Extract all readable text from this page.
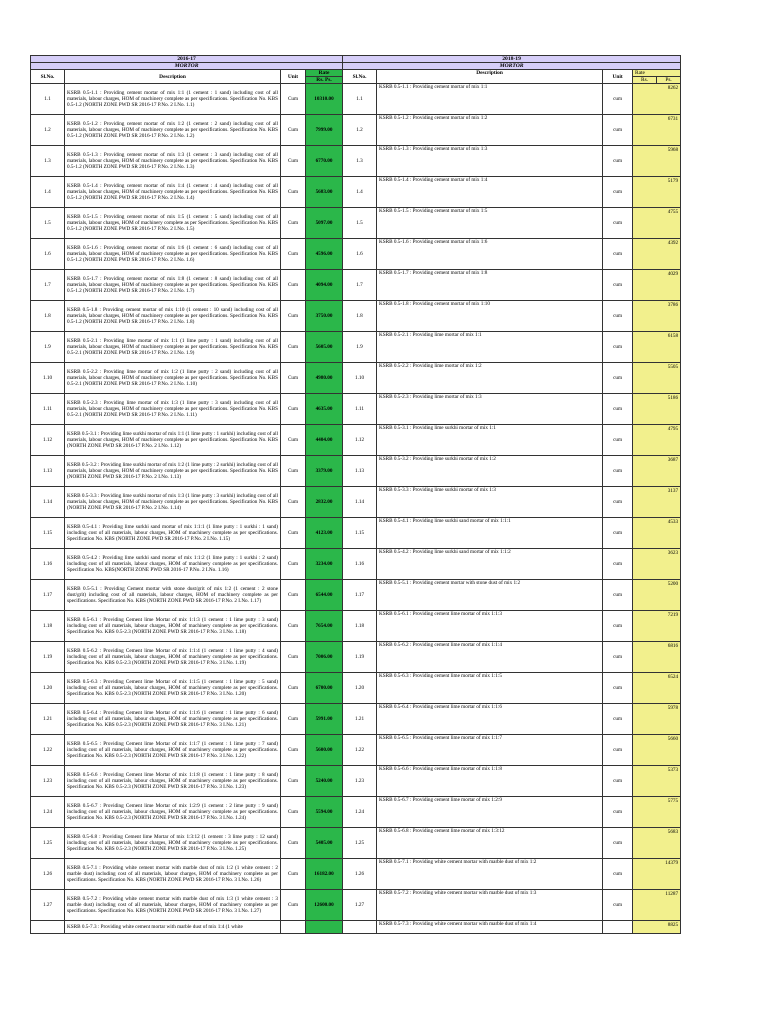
2016-17				2018-19				
MORTOR				MORTOR				
Sl.No.	Description	Unit	Rate	Sl.No.	Description	Unit	Rate	
			Rs. Ps.				Rs.	Ps.
1.1	KSRB 0.5-1.1 : Providing cement mortar of mix 1:1 (1 cement : 1 sand) including cost of all materials, labour charges, HOM of machinery complete as per specifications. Specification No. KBS 0.5-1.2 (NORTH ZONE PWD SR 2016-17 P.No. 2 I.No. 1.1)	Cum	10310.00	1.1	KSRB 0.5-1.1 : Providing cement mortar of mix 1:1	cum	8262	
1.2	KSRB 0.5-1.2 : Providing cement mortar of mix 1:2 (1 cement : 2 sand) including cost of all materials, labour charges, HOM of machinery complete as per specifications. Specification No. KBS 0.5-1.2 (NORTH ZONE PWD SR 2016-17 P.No. 2 I.No. 1.2)	Cum	7999.00	1.2	KSRB 0.5-1.2 : Providing cement mortar of mix 1:2	cum	6731	
1.3	KSRB 0.5-1.3 : Providing cement mortar of mix 1:3 (1 cement : 3 sand) including cost of all materials, labour charges, HOM of machinery complete as per specifications. Specification No. KBS 0.5-1.2 (NORTH ZONE PWD SR 2016-17 P.No. 2 I.No. 1.3)	Cum	6770.00	1.3	KSRB 0.5-1.3 : Providing cement mortar of mix 1:3	cum	5968	
1.4	KSRB 0.5-1.4 : Providing cement mortar of mix 1:4 (1 cement : 4 sand) including cost of all materials, labour charges, HOM of machinery complete as per specifications. Specification No. KBS 0.5-1.2 (NORTH ZONE PWD SR 2016-17 P.No. 2 I.No. 1.4)	Cum	5683.00	1.4	KSRB 0.5-1.4 : Providing cement mortar of mix 1:4	cum	5179	
1.5	KSRB 0.5-1.5 : Providing cement mortar of mix 1:5 (1 cement : 5 sand) including cost of all materials, labour charges, HOM of machinery complete as per Specifications. Specification No. KBS 0.5-1.2 (NORTH ZONE PWD SR 2016-17 P.No. 2 I.No. 1.5)	Cum	5097.00	1.5	KSRB 0.5-1.5 : Providing cement mortar of mix 1:5	cum	4755	
1.6	KSRB 0.5-1.6 : Providing cement mortar of mix 1:6 (1 cement : 6 sand) including cost of all materials, labour charges, HOM of machinery complete as per specifications. Specification No. KBS 0.5-1.2 (NORTH ZONE PWD SR 2016-17 P.No. 2 I.No. 1.6)	Cum	4596.00	1.6	KSRB 0.5-1.6 : Providing cement mortar of mix 1:6	cum	4392	
1.7	KSRB 0.5-1.7 : Providing cement mortar of mix 1:8 (1 cement : 8 sand) including cost of all materials, labour charges, HOM of machinery complete as per specifications. Specification No. KBS 0.5-1.2 (NORTH ZONE PWD SR 2016-17 P.No. 2 I.No. 1.7)	Cum	4094.00	1.7	KSRB 0.5-1.7 : Providing cement mortar of mix 1:8	cum	4029	
1.8	KSRB 0.5-1.8 : Providing cement mortar of mix 1:10 (1 cement : 10 sand) including cost of all materials, labour charges, HOM of machinery complete as per specifications. Specification No. KBS 0.5-1.2 (NORTH ZONE PWD SR 2016-17 P.No. 2 I.No. 1.8)	Cum	3750.00	1.8	KSRB 0.5-1.8 : Providing cement mortar of mix 1:10	cum	3786	
1.9	KSRB 0.5-2.1 : Providing lime mortar of mix 1:1 (1 lime putty : 1 sand) including cost of all materials, labour charges, HOM of machinery complete as per specifications. Specification No. KBS 0.5-2.1 (NORTH ZONE PWD SR 2016-17 P.No. 2 I.No. 1.9)	Cum	5605.00	1.9	KSRB 0.5-2.1 : Providing lime mortar of mix 1:1	cum	6158	
1.10	KSRB 0.5-2.2 : Providing lime mortar of mix 1:2 (1 lime putty : 2 sand) including cost of all materials, labour charges, HOM of machinery complete as per specifications. Specification No. KBS 0.5-2.1 (NORTH ZONE PWD SR 2016-17 P.No. 2 I.No. 1.10)	Cum	4980.00	1.10	KSRB 0.5-2.2 : Providing lime mortar of mix 1:2	cum	5505	
1.11	KSRB 0.5-2.3 : Providing lime mortar of mix 1:3 (1 lime putty : 3 sand) including cost of all materials, labour charges, HOM of machinery complete as per specifications. Specification No. KBS 0.5-2.1 (NORTH ZONE PWD SR 2016-17 P.No. 2 I.No. 1.11)	Cum	4635.00	1.11	KSRB 0.5-2.3 : Providing lime mortar of mix 1:3	cum	5186	
1.12	KSRB 0.5-3.1 : Providing lime surkhi mortar of mix 1:1 (1 lime putty : 1 surkhi) including cost of all materials, labour charges, HOM of machinery complete as per specifications. Specification No. KBS (NORTH ZONE PWD SR 2016-17 P.No. 2 I.No. 1.12)	Cum	4404.00	1.12	KSRB 0.5-3.1 : Providing lime surkhi mortar of mix 1:1	cum	4795	
1.13	KSRB 0.5-3.2 : Providing lime surkhi mortar of mix 1:2 (1 lime putty : 2 surkhi) including cost of all materials, labour charges, HOM of machinery complete as per specifications. Specification No. KBS (NORTH ZONE PWD SR 2016-17 P.No. 2 I.No. 1.13)	Cum	3379.00	1.13	KSRB 0.5-3.2 : Providing lime surkhi mortar of mix 1:2	cum	3687	
1.14	KSRB 0.5-3.3 : Providing lime surkhi mortar of mix 1:3 (1 lime putty : 3 surkhi) including cost of all materials, labour charges, HOM of machinery complete as per specifications. Specification No. KBS (NORTH ZONE PWD SR 2016-17 P.No. 2 I.No. 1.14)	Cum	2832.00	1.14	KSRB 0.5-3.3 : Providing lime surkhi mortar of mix 1:3	cum	3137	
1.15	KSRB 0.5-4.1 : Providing lime surkhi sand mortar of mix 1:1:1 (1 lime putty : 1 surkhi : 1 sand) including cost of all materials, labour charges, HOM of machinery complete as per specifications. Specification No. KBS (NORTH ZONE PWD SR 2016-17 P.No. 2 I.No. 1.15)	Cum	4123.00	1.15	KSRB 0.5-4.1 : Providing lime surkhi sand mortar of mix 1:1:1	cum	4533	
1.16	KSRB 0.5-4.2 : Providing lime surkhi sand mortar of mix 1:1:2 (1 lime putty : 1 surkhi : 2 sand) including cost of all materials, labour charges, HOM of machinery complete as per specifications. Specification No. KBS(NORTH ZONE PWD SR 2016-17 P.No. 2 I.No. 1.16)	Cum	3234.00	1.16	KSRB 0.5-4.2 : Providing lime surkhi sand mortar of mix 1:1:2	cum	3623	
1.17	KSRB 0.5-5.1 : Providing Cement mortar with stone dust/grit of mix 1:2 (1 cement : 2 stone dust/grit) including cost of all materials, labour charges, HOM of machinery complete as per specifications. Specification No. KBS (NORTH ZONE PWD SR 2016-17 P.No. 2 I.No. 1.17)	Cum	6544.00	1.17	KSRB 0.5-5.1 : Providing cement mortar with stone dust of mix 1:2	cum	5200	
1.18	KSRB 0.5-6.1 : Providing Cement lime Mortar of mix 1:1:3 (1 cement : 1 lime putty : 3 sand) including cost of all materials, labour charges, HOM of machinery complete as per specifications. Specification No. KBS 0.5-2.3 (NORTH ZONE PWD SR 2016-17 P.No. 3 I.No. 1.18)	Cum	7654.00	1.18	KSRB 0.5-6.1 : Providing cement lime mortar of mix 1:1:3	cum	7219	
1.19	KSRB 0.5-6.2 : Providing Cement lime Mortar of mix 1:1:4 (1 cement : 1 lime putty : 4 sand) including cost of all materials, labour charges, HOM of machinery complete as per specifications. Specification No. KBS 0.5-2.3 (NORTH ZONE PWD SR 2016-17 P.No. 3 I.No. 1.19)	Cum	7006.00	1.19	KSRB 0.5-6.2 : Providing cement lime mortar of mix 1:1:4	cum	6816	
1.20	KSRB 0.5-6.3 : Providing Cement lime Mortar of mix 1:1:5 (1 cement : 1 lime putty : 5 sand) including cost of all materials, labour charges, HOM of machinery complete as per specifications. Specification No. KBS 0.5-2.3 (NORTH ZONE PWD SR 2016-17 P.No. 3 I.No. 1.20)	Cum	6700.00	1.20	KSRB 0.5-6.3 : Providing cement lime mortar of mix 1:1:5	cum	6524	
1.21	KSRB 0.5-6.4 : Providing Cement lime Mortar of mix 1:1:6 (1 cement : 1 lime putty : 6 sand) including cost of all materials, labour charges, HOM of machinery complete as per specifications. Specification No. KBS 0.5-2.3 (NORTH ZONE PWD SR 2016-17 P.No. 3 I.No. 1.21)	Cum	5991.00	1.21	KSRB 0.5-6.4 : Providing cement lime mortar of mix 1:1:6	cum	5978	
1.22	KSRB 0.5-6.5 : Providing Cement lime Mortar of mix 1:1:7 (1 cement : 1 lime putty : 7 sand) including cost of all materials, labour charges, HOM of machinery complete as per specifications. Specification No. KBS 0.5-2.3 (NORTH ZONE PWD SR 2016-17 P.No. 3 I.No. 1.22)	Cum	5600.00	1.22	KSRB 0.5-6.5 : Providing cement lime mortar of mix 1:1:7	cum	5660	
1.23	KSRB 0.5-6.6 : Providing Cement lime Mortar of mix 1:1:8 (1 cement : 1 lime putty : 8 sand) including cost of all materials, labour charges, HOM of machinery complete as per specifications. Specification No. KBS 0.5-2.3 (NORTH ZONE PWD SR 2016-17 P.No. 3 I.No. 1.23)	Cum	5240.00	1.23	KSRB 0.5-6.6 : Providing cement lime mortar of mix 1:1:8	cum	5373	
1.24	KSRB 0.5-6.7 : Providing Cement lime Mortar of mix 1:2:9 (1 cement : 2 lime putty : 9 sand) including cost of all materials, labour charges, HOM of machinery complete as per specifications. Specification No. KBS 0.5-2.3 (NORTH ZONE PWD SR 2016-17 P.No. 3 I.No. 1.24)	Cum	5594.00	1.24	KSRB 0.5-6.7 : Providing cement lime mortar of mix 1:2:9	cum	5775	
1.25	KSRB 0.5-6.8 : Providing Cement lime Mortar of mix 1:3:12 (1 cement : 3 lime putty : 12 sand) including cost of all materials, labour charges, HOM of machinery complete as per specifications. Specification No. KBS 0.5-2.3 (NORTH ZONE PWD SR 2016-17 P.No. 3 I.No. 1.25)	Cum	5405.00	1.25	KSRB 0.5-6.8 : Providing cement lime mortar of mix 1:3:12	cum	5683	
1.26	KSRB 0.5-7.1 : Providing white cement mortar with marble dust of mix 1:2 (1 white cement : 2 marble dust) including cost of all materials, labour charges, HOM of machinery complete as per specifications. Specification No. KBS (NORTH ZONE PWD SR 2016-17 P.No. 3 I.No. 1.26)	Cum	16182.00	1.26	KSRB 0.5-7.1 : Providing white cement mortar with marble dust of mix 1:2	cum	14379	
1.27	KSRB 0.5-7.2 : Providing white cement mortar with marble dust of mix 1:3 (1 white cement : 3 marble dust) including cost of all materials, labour charges, HOM of machinery complete as per specifications. Specification No. KBS (NORTH ZONE PWD SR 2016-17 P.No. 3 I.No. 1.27)	Cum	12600.00	1.27	KSRB 0.5-7.2 : Providing white cement mortar with marble dust of mix 1:3	cum	11287	
	KSRB 0.5-7.3 : Providing white cement mortar with marble dust of mix 1:4 (1 white				KSRB 0.5-7.3 : Providing white cement mortar with marble dust of mix 1:4		8825	
